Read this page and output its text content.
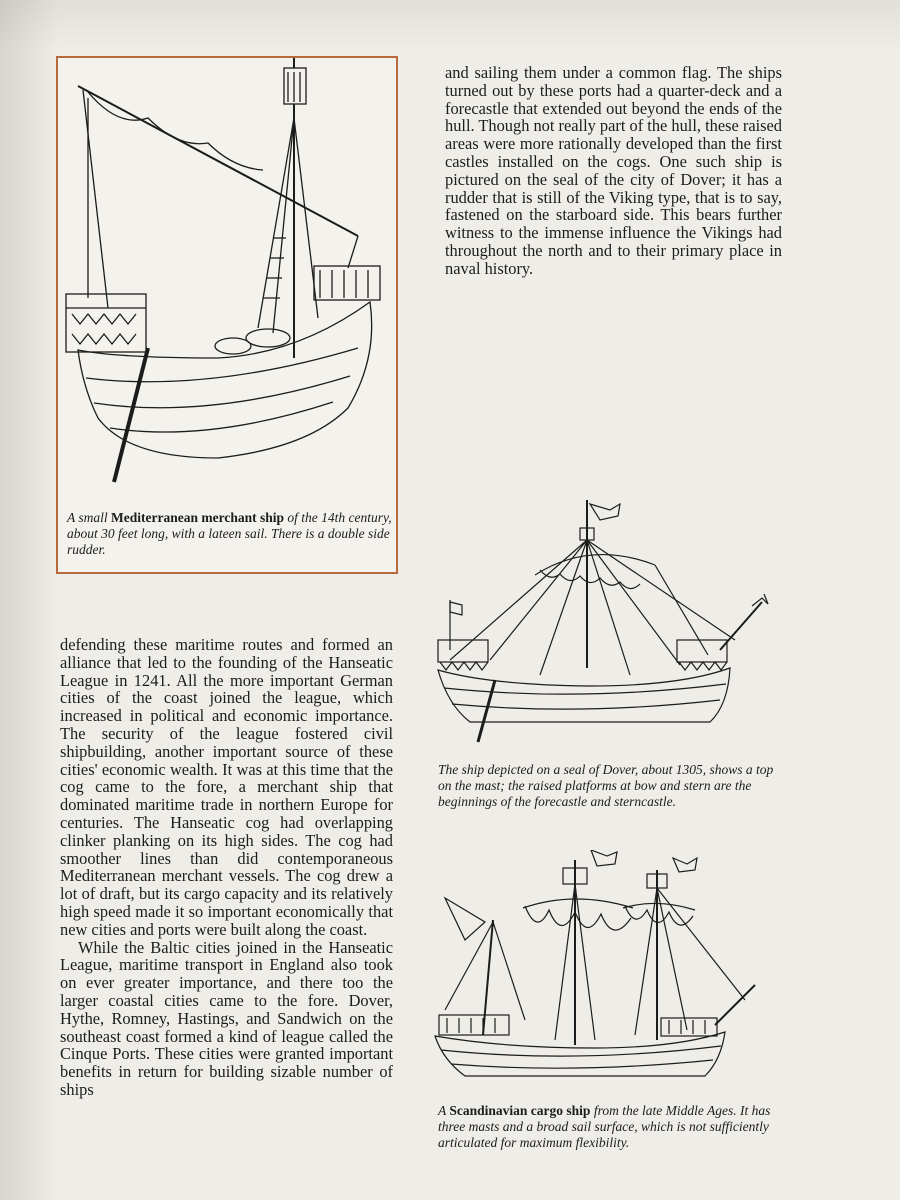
A small Mediterranean merchant ship of the 14th century, about 30 feet long, with a lateen sail. There is a double side rudder.

and sailing them under a common flag. The ships turned out by these ports had a quarter-deck and a forecastle that extended out beyond the ends of the hull. Though not really part of the hull, these raised areas were more rationally developed than the first castles installed on the cogs. One such ship is pictured on the seal of the city of Dover; it has a rudder that is still of the Viking type, that is to say, fastened on the starboard side. This bears further witness to the immense influence the Vikings had throughout the north and to their primary place in naval history.

The ship depicted on a seal of Dover, about 1305, shows a top on the mast; the raised platforms at bow and stern are the beginnings of the forecastle and sterncastle.

defending these maritime routes and formed an alliance that led to the founding of the Hanseatic League in 1241. All the more important German cities of the coast joined the league, which increased in political and economic importance. The security of the league fostered civil shipbuilding, another important source of these cities' economic wealth. It was at this time that the cog came to the fore, a merchant ship that dominated maritime trade in northern Europe for centuries. The Hanseatic cog had overlapping clinker planking on its high sides. The cog had smoother lines than did contemporaneous Mediterranean merchant vessels. The cog drew a lot of draft, but its cargo capacity and its relatively high speed made it so important economically that new cities and ports were built along the coast.

While the Baltic cities joined in the Hanseatic League, maritime transport in England also took on ever greater importance, and there too the larger coastal cities came to the fore. Dover, Hythe, Romney, Hastings, and Sandwich on the southeast coast formed a kind of league called the Cinque Ports. These cities were granted important benefits in return for building sizable number of ships

A Scandinavian cargo ship from the late Middle Ages. It has three masts and a broad sail surface, which is not sufficiently articulated for maximum flexibility.
